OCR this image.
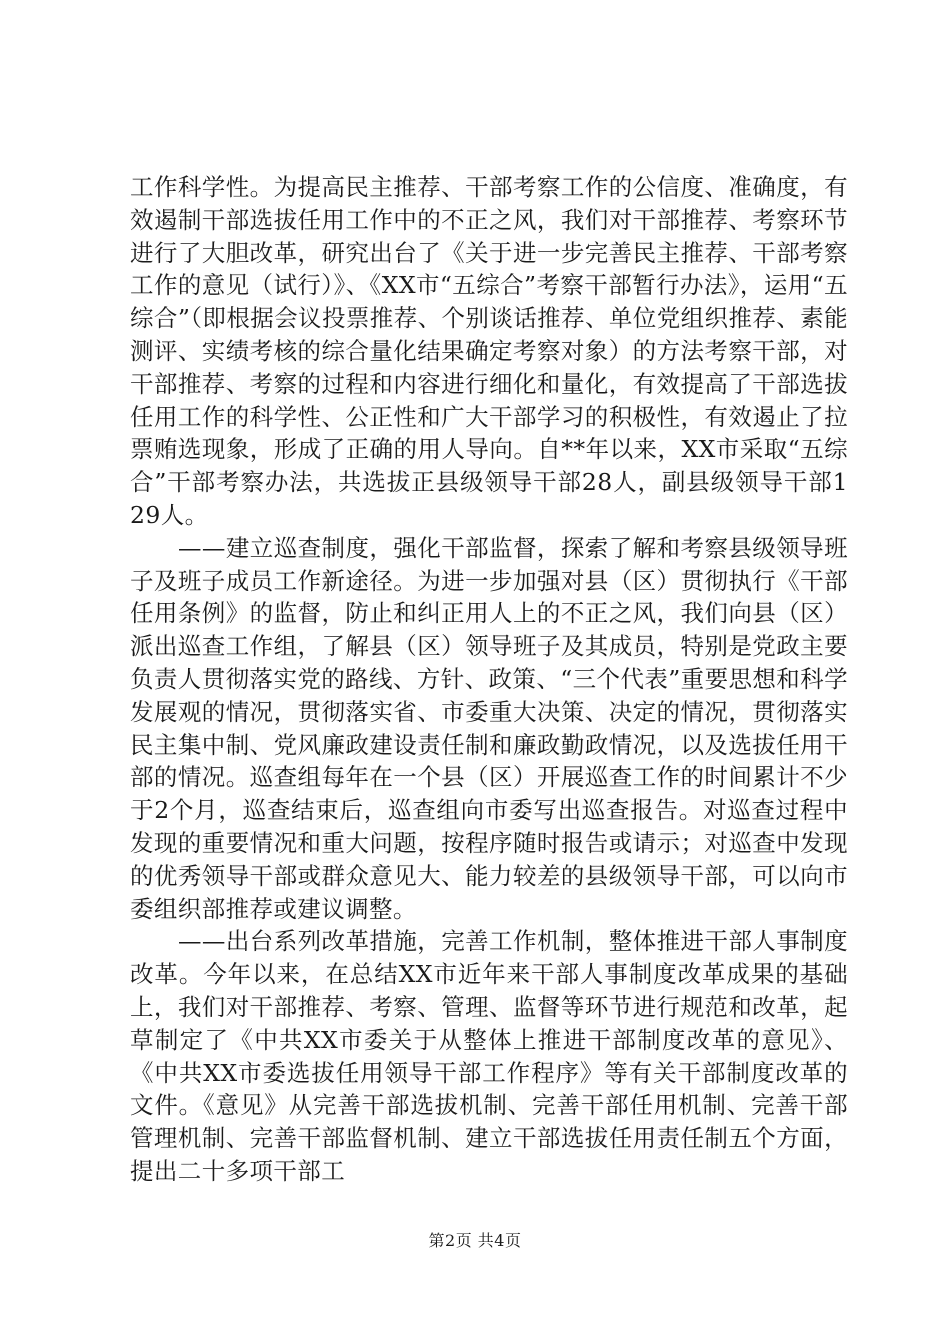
工作科学性。为提高民主推荐、干部考察工作的公信度、准确度，有效遏制干部选拔任用工作中的不正之风，我们对干部推荐、考察环节进行了大胆改革，研究出台了《关于进一步完善民主推荐、干部考察工作的意见（试行）》、《XX市“五综合”考察干部暂行办法》，运用“五综合”（即根据会议投票推荐、个别谈话推荐、单位党组织推荐、素能测评、实绩考核的综合量化结果确定考察对象）的方法考察干部，对干部推荐、考察的过程和内容进行细化和量化，有效提高了干部选拔任用工作的科学性、公正性和广大干部学习的积极性，有效遏止了拉票贿选现象，形成了正确的用人导向。自**年以来，XX市采取“五综合”干部考察办法，共选拔正县级领导干部28人，副县级领导干部129人。

——建立巡查制度，强化干部监督，探索了解和考察县级领导班子及班子成员工作新途径。为进一步加强对县（区）贯彻执行《干部任用条例》的监督，防止和纠正用人上的不正之风，我们向县（区）派出巡查工作组，了解县（区）领导班子及其成员，特别是党政主要负责人贯彻落实党的路线、方针、政策、“三个代表”重要思想和科学发展观的情况，贯彻落实省、市委重大决策、决定的情况，贯彻落实民主集中制、党风廉政建设责任制和廉政勤政情况，以及选拔任用干部的情况。巡查组每年在一个县（区）开展巡查工作的时间累计不少于2个月，巡查结束后，巡查组向市委写出巡查报告。对巡查过程中发现的重要情况和重大问题，按程序随时报告或请示；对巡查中发现的优秀领导干部或群众意见大、能力较差的县级领导干部，可以向市委组织部推荐或建议调整。

——出台系列改革措施，完善工作机制，整体推进干部人事制度改革。今年以来，在总结XX市近年来干部人事制度改革成果的基础上，我们对干部推荐、考察、管理、监督等环节进行规范和改革，起草制定了《中共XX市委关于从整体上推进干部制度改革的意见》、《中共XX市委选拔任用领导干部工作程序》等有关干部制度改革的文件。《意见》从完善干部选拔机制、完善干部任用机制、完善干部管理机制、完善干部监督机制、建立干部选拔任用责任制五个方面，提出二十多项干部工

第2页 共4页
